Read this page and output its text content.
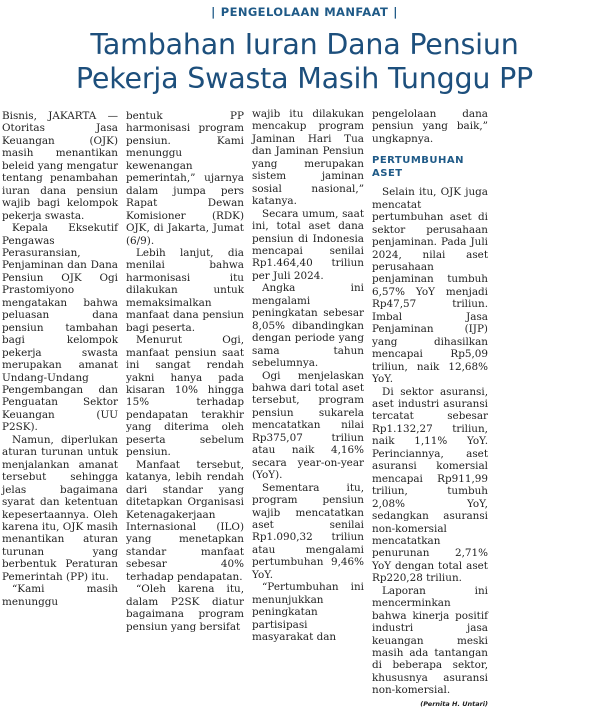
| PENGELOLAAN MANFAAT |
Tambahan Iuran Dana Pensiun
Pekerja Swasta Masih Tunggu PP

Bisnis, JAKARTA — Otoritas Jasa Keuangan (OJK) masih menantikan beleid yang mengatur tentang penambahan iuran dana pensiun wajib bagi kelompok pekerja swasta.

Kepala Eksekutif Pengawas Perasuransian, Penjaminan dan Dana Pensiun OJK Ogi Prastomiyono mengatakan bahwa peluasan dana pensiun tambahan bagi kelompok pekerja swasta merupakan amanat Undang-Undang Pengembangan dan Penguatan Sektor Keuangan (UU P2SK).

Namun, diperlukan aturan turunan untuk menjalankan amanat tersebut sehingga jelas bagaimana syarat dan ketentuan kepesertaannya. Oleh karena itu, OJK masih menantikan aturan turunan yang berbentuk Peraturan Pemerintah (PP) itu.

“Kami masih menunggu

bentuk PP harmonisasi program pensiun. Kami menunggu kewenangan pemerintah,” ujarnya dalam jumpa pers Rapat Dewan Komisioner (RDK) OJK, di Jakarta, Jumat (6/9).

Lebih lanjut, dia menilai bahwa harmonisasi itu dilakukan untuk memaksimalkan manfaat dana pensiun bagi peserta.

Menurut Ogi, manfaat pensiun saat ini sangat rendah yakni hanya pada kisaran 10% hingga 15% terhadap pendapatan terakhir yang diterima oleh peserta sebelum pensiun.

Manfaat tersebut, katanya, lebih rendah dari standar yang ditetapkan Organisasi Ketenagakerjaan Internasional (ILO) yang menetapkan standar manfaat sebesar 40% terhadap pendapatan.

“Oleh karena itu, dalam P2SK diatur bagaimana program pensiun yang bersifat

wajib itu dilakukan mencakup program Jaminan Hari Tua dan Jaminan Pensiun yang merupakan sistem jaminan sosial nasional,” katanya.

Secara umum, saat ini, total aset dana pensiun di Indonesia mencapai senilai Rp1.464,40 triliun per Juli 2024.

Angka ini mengalami peningkatan sebesar 8,05% dibandingkan dengan periode yang sama tahun sebelumnya.

Ogi menjelaskan bahwa dari total aset tersebut, program pensiun sukarela mencatatkan nilai Rp375,07 triliun atau naik 4,16% secara year-on-year (YoY).

Sementara itu, program pensiun wajib mencatatkan aset senilai Rp1.090,32 triliun atau mengalami pertumbuhan 9,46% YoY.

“Pertumbuhan ini menunjukkan peningkatan partisipasi masyarakat dan

pengelolaan dana pensiun yang baik,” ungkapnya.

PERTUMBUHAN ASET

Selain itu, OJK juga mencatat pertumbuhan aset di sektor perusahaan penjaminan. Pada Juli 2024, nilai aset perusahaan penjaminan tumbuh 6,57% YoY menjadi Rp47,57 triliun. Imbal Jasa Penjaminan (IJP) yang dihasilkan mencapai Rp5,09 triliun, naik 12,68% YoY.

Di sektor asuransi, aset industri asuransi tercatat sebesar Rp1.132,27 triliun, naik 1,11% YoY. Perinciannya, aset asuransi komersial mencapai Rp911,99 triliun, tumbuh 2,08% YoY, sedangkan asuransi non-komersial mencatatkan penurunan 2,71% YoY dengan total aset Rp220,28 triliun.

Laporan ini mencerminkan bahwa kinerja positif industri jasa keuangan meski masih ada tantangan di beberapa sektor, khususnya asuransi non-komersial.

(Pernita H. Untari)
